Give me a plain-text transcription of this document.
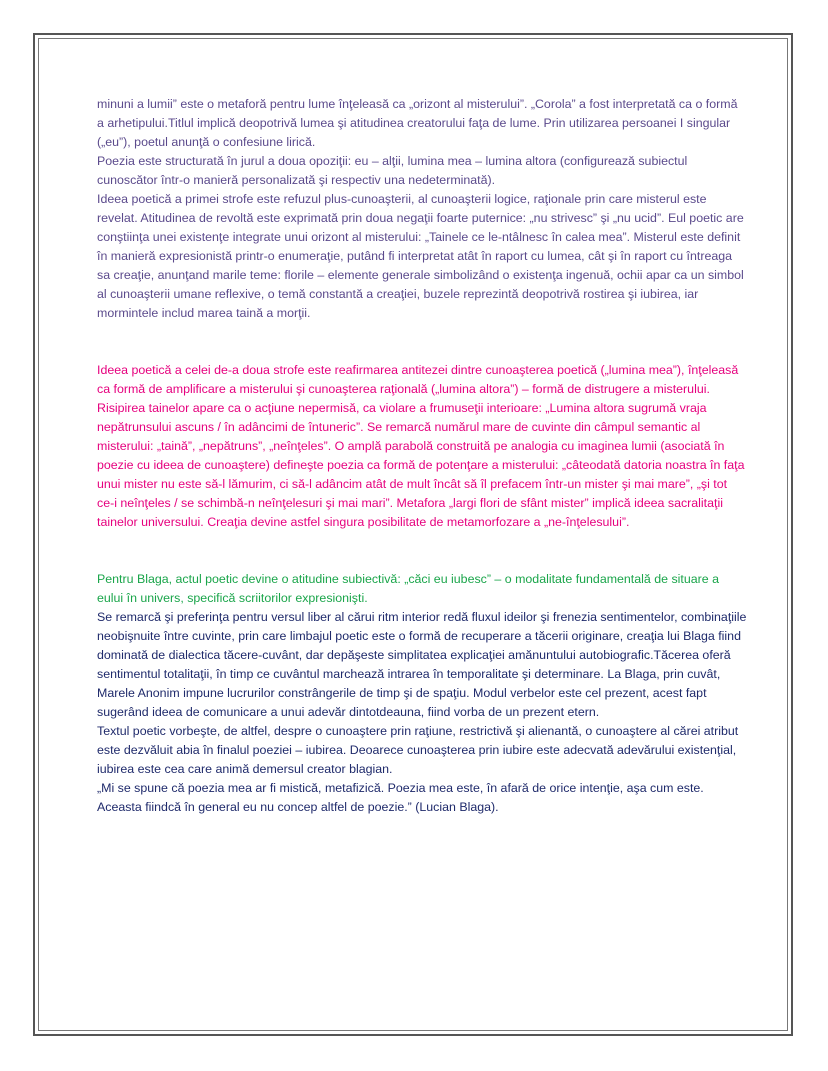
minuni a lumii” este o metaforă pentru lume înţeleasă ca „orizont al misterului”. „Corola” a fost interpretată ca o formă a arhetipului.Titlul implică deopotrivă lumea şi atitudinea creatorului faţa de lume. Prin utilizarea persoanei I singular („eu”), poetul anunţă o confesiune lirică.

Poezia este structurată în jurul a doua opoziţii: eu – alţii, lumina mea – lumina altora (configurează subiectul cunoscător într-o manieră personalizată şi respectiv una nedeterminată).

Ideea poetică a primei strofe este refuzul plus-cunoaşterii, al cunoaşterii logice, raţionale prin care misterul este revelat. Atitudinea de revoltă este exprimată prin doua negaţii foarte puternice: „nu strivesc” şi „nu ucid”. Eul poetic are conştiinţa unei existenţe integrate unui orizont al misterului: „Tainele ce le-ntâlnesc în calea mea”. Misterul este definit în manieră expresionistă printr-o enumeraţie, putând fi interpretat atât în raport cu lumea, cât şi în raport cu întreaga sa creaţie, anunţand marile teme: florile – elemente generale simbolizând o existenţa ingenuă, ochii apar ca un simbol al cunoaşterii umane reflexive, o temă constantă a creaţiei, buzele reprezintă deopotrivă rostirea şi iubirea, iar mormintele includ marea taină a morţii.

Ideea poetică a celei de-a doua strofe este reafirmarea antitezei dintre cunoaşterea poetică („lumina mea”), înţeleasă ca formă de amplificare a misterului şi cunoaşterea raţională („lumina altora”) – formă de distrugere a misterului. Risipirea tainelor apare ca o acţiune nepermisă, ca violare a frumuseţii interioare: „Lumina altora sugrumă vraja nepătrunsului ascuns / în adâncimi de întuneric”. Se remarcă numărul mare de cuvinte din câmpul semantic al misterului: „taină”, „nepătruns”, „neînţeles”. O amplă parabolă construită pe analogia cu imaginea lumii (asociată în poezie cu ideea de cunoaştere) defineşte poezia ca formă de potenţare a misterului: „câteodată datoria noastra în faţa unui mister nu este să-l lămurim, ci să-l adâncim atât de mult încât să îl prefacem într-un mister şi mai mare”, „şi tot ce-i neînţeles / se schimbă-n neînţelesuri şi mai mari”. Metafora „largi flori de sfânt mister” implică ideea sacralitaţii tainelor universului. Creaţia devine astfel singura posibilitate de metamorfozare a „ne-înţelesului”.

Pentru Blaga, actul poetic devine o atitudine subiectivă: „căci eu iubesc” – o modalitate fundamentală de situare a eului în univers, specifică scriitorilor expresionişti.

Se remarcă şi preferinţa pentru versul liber al cărui ritm interior redă fluxul ideilor şi frenezia sentimentelor, combinaţiile neobişnuite între cuvinte, prin care limbajul poetic este o formă de recuperare a tăcerii originare, creaţia lui Blaga fiind dominată de dialectica tăcere-cuvânt, dar depăşeste simplitatea explicaţiei amănuntului autobiografic.Tăcerea oferă sentimentul totalitaţii, în timp ce cuvântul marchează intrarea în temporalitate şi determinare. La Blaga, prin cuvât, Marele Anonim impune lucrurilor constrângerile de timp şi de spaţiu. Modul verbelor este cel prezent, acest fapt sugerând ideea de comunicare a unui adevăr dintotdeauna, fiind vorba de un prezent etern.

Textul poetic vorbeşte, de altfel, despre o cunoaştere prin raţiune, restrictivă şi alienantă, o cunoaştere al cărei atribut este dezvăluit abia în finalul poeziei – iubirea. Deoarece cunoaşterea prin iubire este adecvată adevărului existenţial, iubirea este cea care animă demersul creator blagian.

„Mi se spune că poezia mea ar fi mistică, metafizică. Poezia mea este, în afară de orice intenţie, aşa cum este. Aceasta fiindcă în general eu nu concep altfel de poezie.” (Lucian Blaga).
